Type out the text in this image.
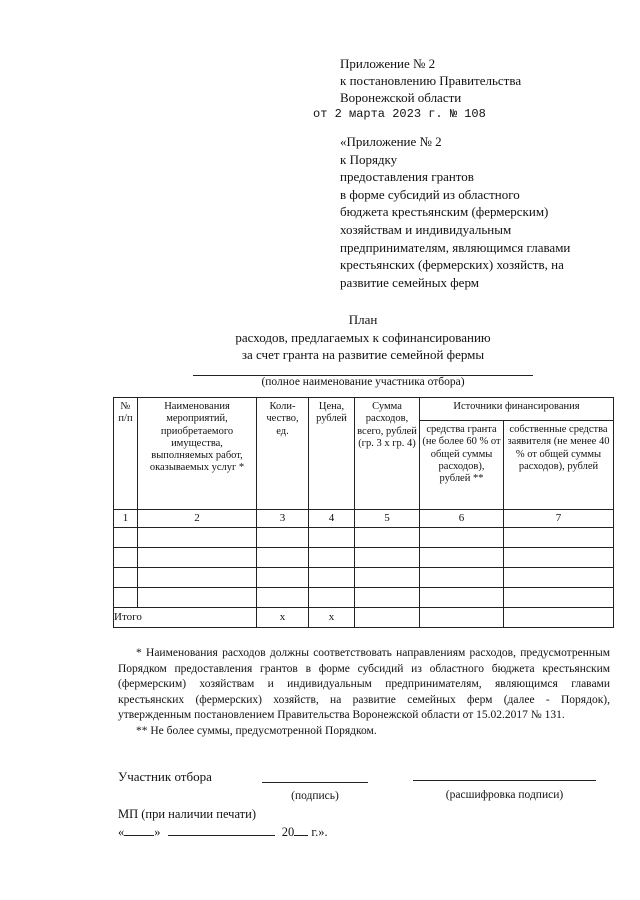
Приложение № 2
к постановлению Правительства
Воронежской области
от 2 марта 2023 г. № 108
«Приложение № 2
к Порядку
предоставления грантов
в форме субсидий из областного
бюджета крестьянским (фермерским)
хозяйствам и индивидуальным
предпринимателям, являющимся главами
крестьянских (фермерских) хозяйств, на
развитие семейных ферм
План
расходов, предлагаемых к софинансированию
за счет гранта на развитие семейной фермы
(полное наименование участника отбора)
№ п/п	Наименования мероприятий, приобретаемого имущества, выполняемых работ, оказываемых услуг *	Коли-чество, ед.	Цена, рублей	Сумма расходов, всего, рублей (гр. 3 х гр. 4)	Источники финансирования	
					средства гранта (не более 60 % от общей суммы расходов), рублей **	собственные средства заявителя (не менее 40 % от общей суммы расходов), рублей
1	2	3	4	5	6	7

Итого		х	х			

* Наименования расходов должны соответствовать направлениям расходов, предусмотренным Порядком предоставления грантов в форме субсидий из областного бюджета крестьянским (фермерским) хозяйствам и индивидуальным предпринимателям, являющимся главами крестьянских (фермерских) хозяйств, на развитие семейных ферм (далее - Порядок), утвержденным постановлением Правительства Воронежской области от 15.02.2017 № 131.

** Не более суммы, предусмотренной Порядком.

Участник отбора
(подпись)	(расшифровка подписи)
МП (при наличии печати)
« »	20 г.».
